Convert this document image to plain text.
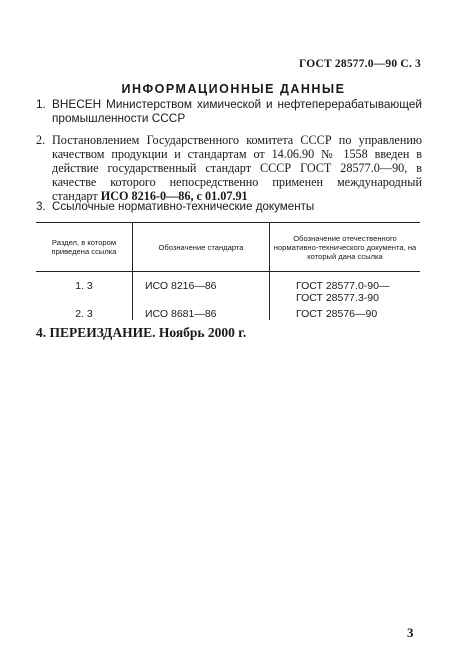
ГОСТ 28577.0—90 С. 3
ИНФОРМАЦИОННЫЕ ДАННЫЕ
1. ВНЕСЕН Министерством химической и нефтеперерабатывающей промышленности СССР
2. Постановлением Государственного комитета СССР по управлению качеством продукции и стандартам от 14.06.90 № 1558 введен в действие государственный стандарт СССР ГОСТ 28577.0—90, в качестве которого непосредственно применен международный стандарт ИСО 8216-0—86, с 01.07.91
3. Ссылочные нормативно-технические документы
Раздел, в котором приведена ссылка	Обозначение стандарта	Обозначение отечественного нормативно-технического документа, на который дана ссылка
1. 3	ИСО 8216—86	ГОСТ 28577.0-90—
ГОСТ 28577.3-90

2. 3	ИСО 8681—86	ГОСТ 28576—90
4. ПЕРЕИЗДАНИЕ. Ноябрь 2000 г.
3
